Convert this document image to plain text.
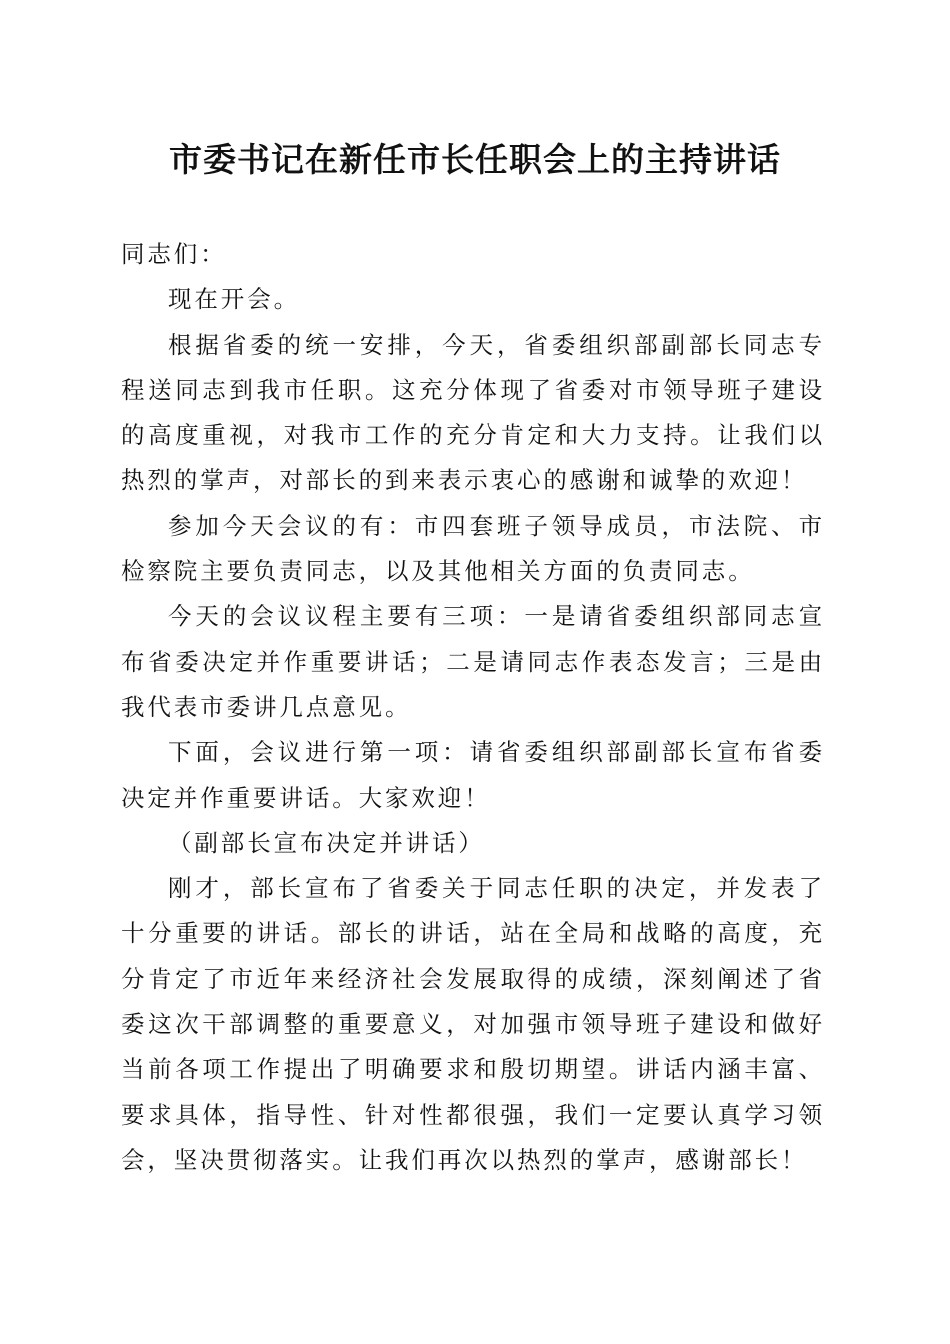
市委书记在新任市长任职会上的主持讲话

同志们：

现在开会。

根据省委的统一安排，今天，省委组织部副部长同志专程送同志到我市任职。这充分体现了省委对市领导班子建设的高度重视，对我市工作的充分肯定和大力支持。让我们以热烈的掌声，对部长的到来表示衷心的感谢和诚挚的欢迎！

参加今天会议的有：市四套班子领导成员，市法院、市检察院主要负责同志，以及其他相关方面的负责同志。

今天的会议议程主要有三项：一是请省委组织部同志宣布省委决定并作重要讲话；二是请同志作表态发言；三是由我代表市委讲几点意见。

下面，会议进行第一项：请省委组织部副部长宣布省委决定并作重要讲话。大家欢迎！

（副部长宣布决定并讲话）

刚才，部长宣布了省委关于同志任职的决定，并发表了十分重要的讲话。部长的讲话，站在全局和战略的高度，充分肯定了市近年来经济社会发展取得的成绩，深刻阐述了省委这次干部调整的重要意义，对加强市领导班子建设和做好当前各项工作提出了明确要求和殷切期望。讲话内涵丰富、要求具体，指导性、针对性都很强，我们一定要认真学习领会，坚决贯彻落实。让我们再次以热烈的掌声，感谢部长！
